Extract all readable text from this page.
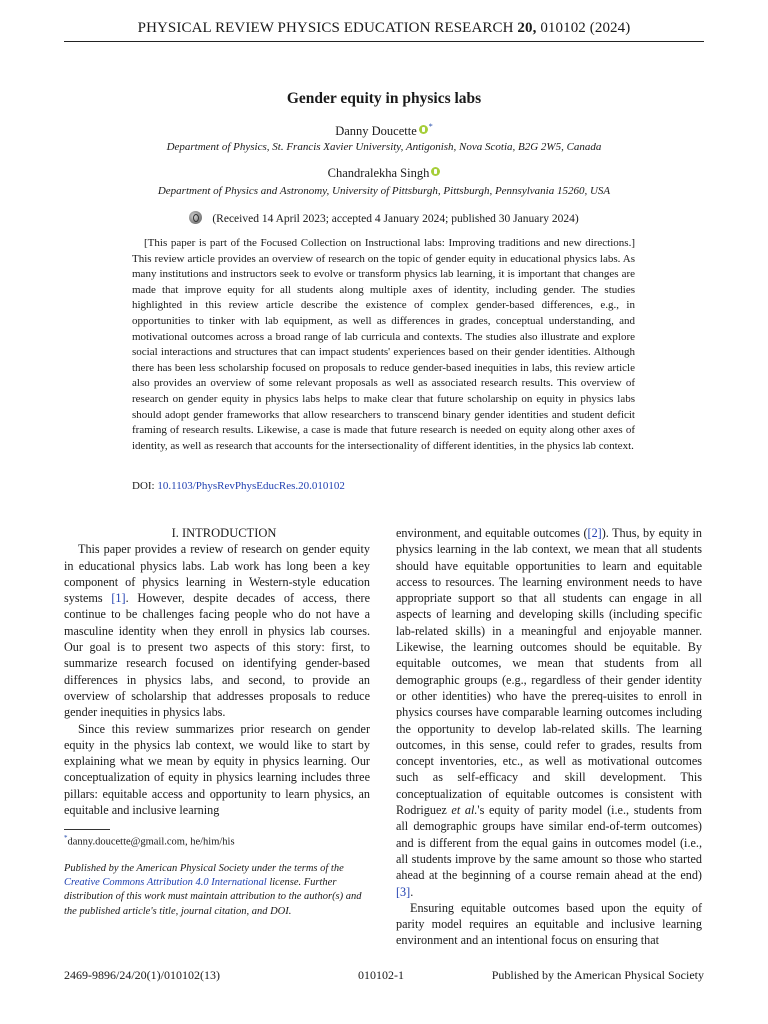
PHYSICAL REVIEW PHYSICS EDUCATION RESEARCH 20, 010102 (2024)
Gender equity in physics labs
Danny Doucette *
Department of Physics, St. Francis Xavier University, Antigonish, Nova Scotia, B2G 2W5, Canada
Chandralekha Singh
Department of Physics and Astronomy, University of Pittsburgh, Pittsburgh, Pennsylvania 15260, USA
(Received 14 April 2023; accepted 4 January 2024; published 30 January 2024)
[This paper is part of the Focused Collection on Instructional labs: Improving traditions and new directions.] This review article provides an overview of research on the topic of gender equity in educational physics labs. As many institutions and instructors seek to evolve or transform physics lab learning, it is important that changes are made that improve equity for all students along multiple axes of identity, including gender. The studies highlighted in this review article describe the existence of complex gender-based differences, e.g., in opportunities to tinker with lab equipment, as well as differences in grades, conceptual understanding, and motivational outcomes across a broad range of lab curricula and contexts. The studies also illustrate and explore social interactions and structures that can impact students' experiences based on their gender identities. Although there has been less scholarship focused on proposals to reduce gender-based inequities in labs, this review article also provides an overview of some relevant proposals as well as associated research results. This overview of research on gender equity in physics labs helps to make clear that future scholarship on equity in physics labs should adopt gender frameworks that allow researchers to transcend binary gender identities and student deficit framing of research results. Likewise, a case is made that future research is needed on equity along other axes of identity, as well as research that accounts for the intersectionality of different identities, in the physics lab context.
DOI: 10.1103/PhysRevPhysEducRes.20.010102

I. INTRODUCTION

This paper provides a review of research on gender equity in educational physics labs. Lab work has long been a key component of physics learning in Western-style education systems [1]. However, despite decades of access, there continue to be challenges facing people who do not have a masculine identity when they enroll in physics lab courses. Our goal is to present two aspects of this story: first, to summarize research focused on identifying gender-based differences in physics labs, and second, to provide an overview of scholarship that addresses proposals to reduce gender inequities in physics labs.

Since this review summarizes prior research on gender equity in the physics lab context, we would like to start by explaining what we mean by equity in physics learning. Our conceptualization of equity in physics learning includes three pillars: equitable access and opportunity to learn physics, an equitable and inclusive learning

*danny.doucette@gmail.com, he/him/his
Published by the American Physical Society under the terms of the Creative Commons Attribution 4.0 International license. Further distribution of this work must maintain attribution to the author(s) and the published article's title, journal citation, and DOI.

environment, and equitable outcomes ([2]). Thus, by equity in physics learning in the lab context, we mean that all students should have equitable opportunities to learn and equitable access to resources. The learning environment needs to have appropriate support so that all students can engage in all aspects of learning and developing skills (including specific lab-related skills) in a meaningful and enjoyable manner. Likewise, the learning outcomes should be equitable. By equitable outcomes, we mean that students from all demographic groups (e.g., regardless of their gender identity or other identities) who have the prereq-uisites to enroll in physics courses have comparable learning outcomes including the opportunity to develop lab-related skills. The learning outcomes, in this sense, could refer to grades, results from concept inventories, etc., as well as motivational outcomes such as self-efficacy and skill development. This conceptualization of equitable outcomes is consistent with Rodriguez et al.'s equity of parity model (i.e., students from all demographic groups have similar end-of-term outcomes) and is different from the equal gains in outcomes model (i.e., all students improve by the same amount so those who started ahead at the beginning of a course remain ahead at the end) [3].

Ensuring equitable outcomes based upon the equity of parity model requires an equitable and inclusive learning environment and an intentional focus on ensuring that

2469-9896/24/20(1)/010102(13)	010102-1	Published by the American Physical Society
